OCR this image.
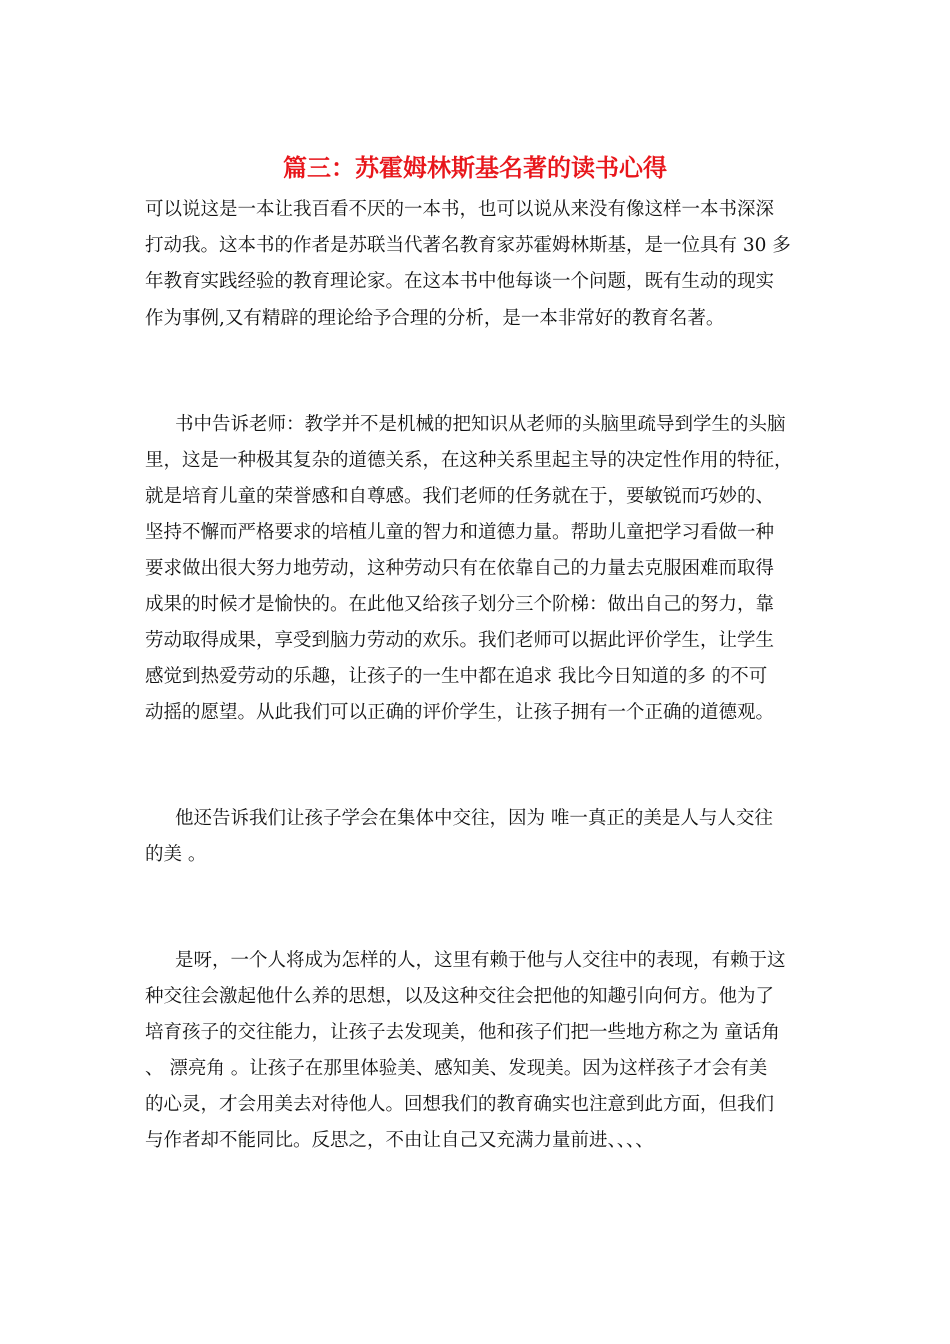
篇三：苏霍姆林斯基名著的读书心得

可以说这是一本让我百看不厌的一本书，也可以说从来没有像这样一本书深深

打动我。这本书的作者是苏联当代著名教育家苏霍姆林斯基，是一位具有 30 多

年教育实践经验的教育理论家。在这本书中他每谈一个问题，既有生动的现实

作为事例,又有精辟的理论给予合理的分析，是一本非常好的教育名著。

书中告诉老师：教学并不是机械的把知识从老师的头脑里疏导到学生的头脑

里，这是一种极其复杂的道德关系，在这种关系里起主导的决定性作用的特征，

就是培育儿童的荣誉感和自尊感。我们老师的任务就在于，要敏锐而巧妙的、

坚持不懈而严格要求的培植儿童的智力和道德力量。帮助儿童把学习看做一种

要求做出很大努力地劳动，这种劳动只有在依靠自己的力量去克服困难而取得

成果的时候才是愉快的。在此他又给孩子划分三个阶梯：做出自己的努力，靠

劳动取得成果，享受到脑力劳动的欢乐。我们老师可以据此评价学生，让学生

感觉到热爱劳动的乐趣，让孩子的一生中都在追求 我比今日知道的多 的不可

动摇的愿望。从此我们可以正确的评价学生，让孩子拥有一个正确的道德观。

他还告诉我们让孩子学会在集体中交往，因为 唯一真正的美是人与人交往

的美 。

是呀，一个人将成为怎样的人，这里有赖于他与人交往中的表现，有赖于这

种交往会激起他什么养的思想，以及这种交往会把他的知趣引向何方。他为了

培育孩子的交往能力，让孩子去发现美，他和孩子们把一些地方称之为 童话角

、 漂亮角 。让孩子在那里体验美、感知美、发现美。因为这样孩子才会有美

的心灵，才会用美去对待他人。回想我们的教育确实也注意到此方面，但我们

与作者却不能同比。反思之，不由让自己又充满力量前进、、、、
